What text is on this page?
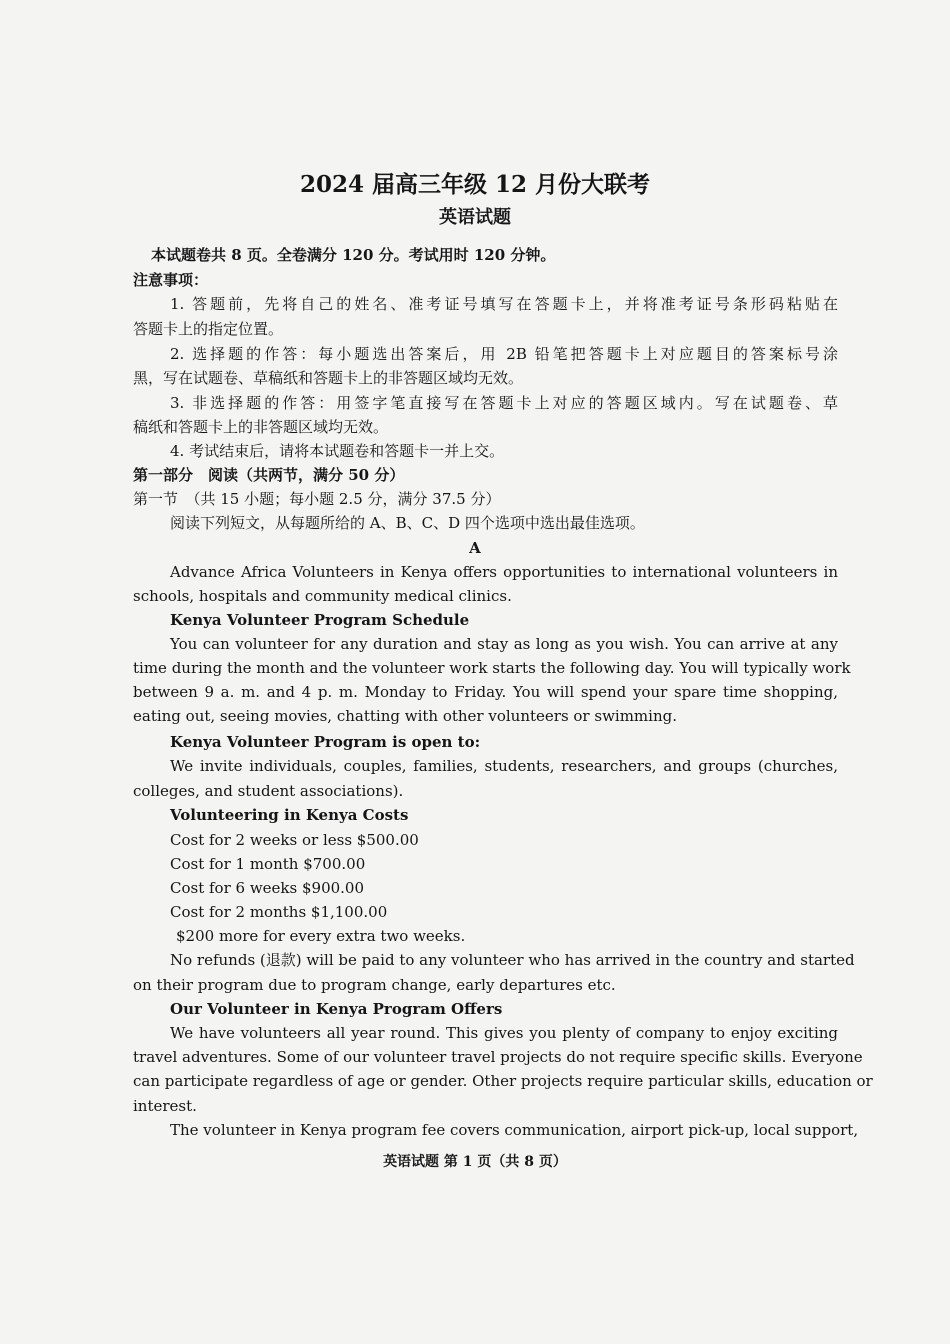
2024 届高三年级 12 月份大联考

英语试题

本试题卷共 8 页。全卷满分 120 分。考试用时 120 分钟。

注意事项：

1. 答题前，先将自己的姓名、准考证号填写在答题卡上，并将准考证号条形码粘贴在

答题卡上的指定位置。

2. 选择题的作答：每小题选出答案后，用 2B 铅笔把答题卡上对应题目的答案标号涂

黑，写在试题卷、草稿纸和答题卡上的非答题区域均无效。

3. 非选择题的作答：用签字笔直接写在答题卡上对应的答题区域内。写在试题卷、草

稿纸和答题卡上的非答题区域均无效。

4. 考试结束后，请将本试题卷和答题卡一并上交。

第一部分　阅读（共两节，满分 50 分）

第一节　（共 15 小题；每小题 2.5 分，满分 37.5 分）

阅读下列短文，从每题所给的 A、B、C、D 四个选项中选出最佳选项。

A

Advance Africa Volunteers in Kenya offers opportunities to international volunteers in

schools, hospitals and community medical clinics.

Kenya Volunteer Program Schedule

You can volunteer for any duration and stay as long as you wish. You can arrive at any

time during the month and the volunteer work starts the following day. You will typically work

between 9 a. m. and 4 p. m. Monday to Friday. You will spend your spare time shopping,

eating out, seeing movies, chatting with other volunteers or swimming.

Kenya Volunteer Program is open to:

We invite individuals, couples, families, students, researchers, and groups (churches,

colleges, and student associations).

Volunteering in Kenya Costs

Cost for 2 weeks or less $500.00

Cost for 1 month $700.00

Cost for 6 weeks $900.00

Cost for 2 months $1,100.00

$200 more for every extra two weeks.

No refunds (退款) will be paid to any volunteer who has arrived in the country and started

on their program due to program change, early departures etc.

Our Volunteer in Kenya Program Offers

We have volunteers all year round. This gives you plenty of company to enjoy exciting

travel adventures. Some of our volunteer travel projects do not require specific skills. Everyone

can participate regardless of age or gender. Other projects require particular skills, education or

interest.

The volunteer in Kenya program fee covers communication, airport pick-up, local support,

英语试题 第 1 页（共 8 页）
